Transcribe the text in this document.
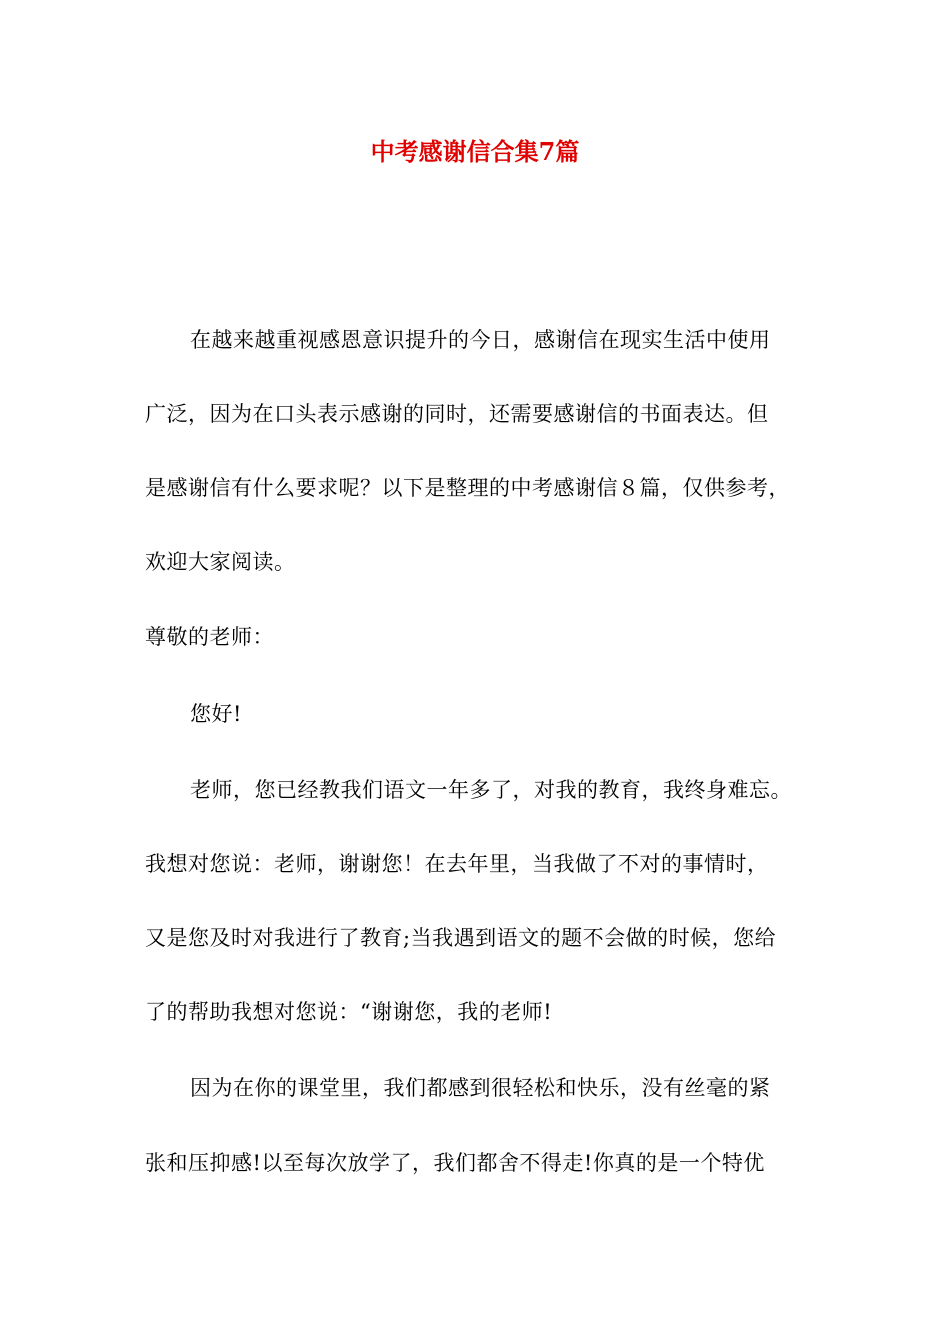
中考感谢信合集7篇
在越来越重视感恩意识提升的今日，感谢信在现实生活中使用
广泛，因为在口头表示感谢的同时，还需要感谢信的书面表达。但
是感谢信有什么要求呢？以下是整理的中考感谢信８篇，仅供参考，
欢迎大家阅读。
尊敬的老师：
您好!
老师，您已经教我们语文一年多了，对我的教育，我终身难忘。
我想对您说：老师，谢谢您！在去年里，当我做了不对的事情时，
又是您及时对我进行了教育;当我遇到语文的题不会做的时候，您给
了的帮助我想对您说：“谢谢您，我的老师!
因为在你的课堂里，我们都感到很轻松和快乐，没有丝毫的紧
张和压抑感!以至每次放学了，我们都舍不得走!你真的是一个特优
